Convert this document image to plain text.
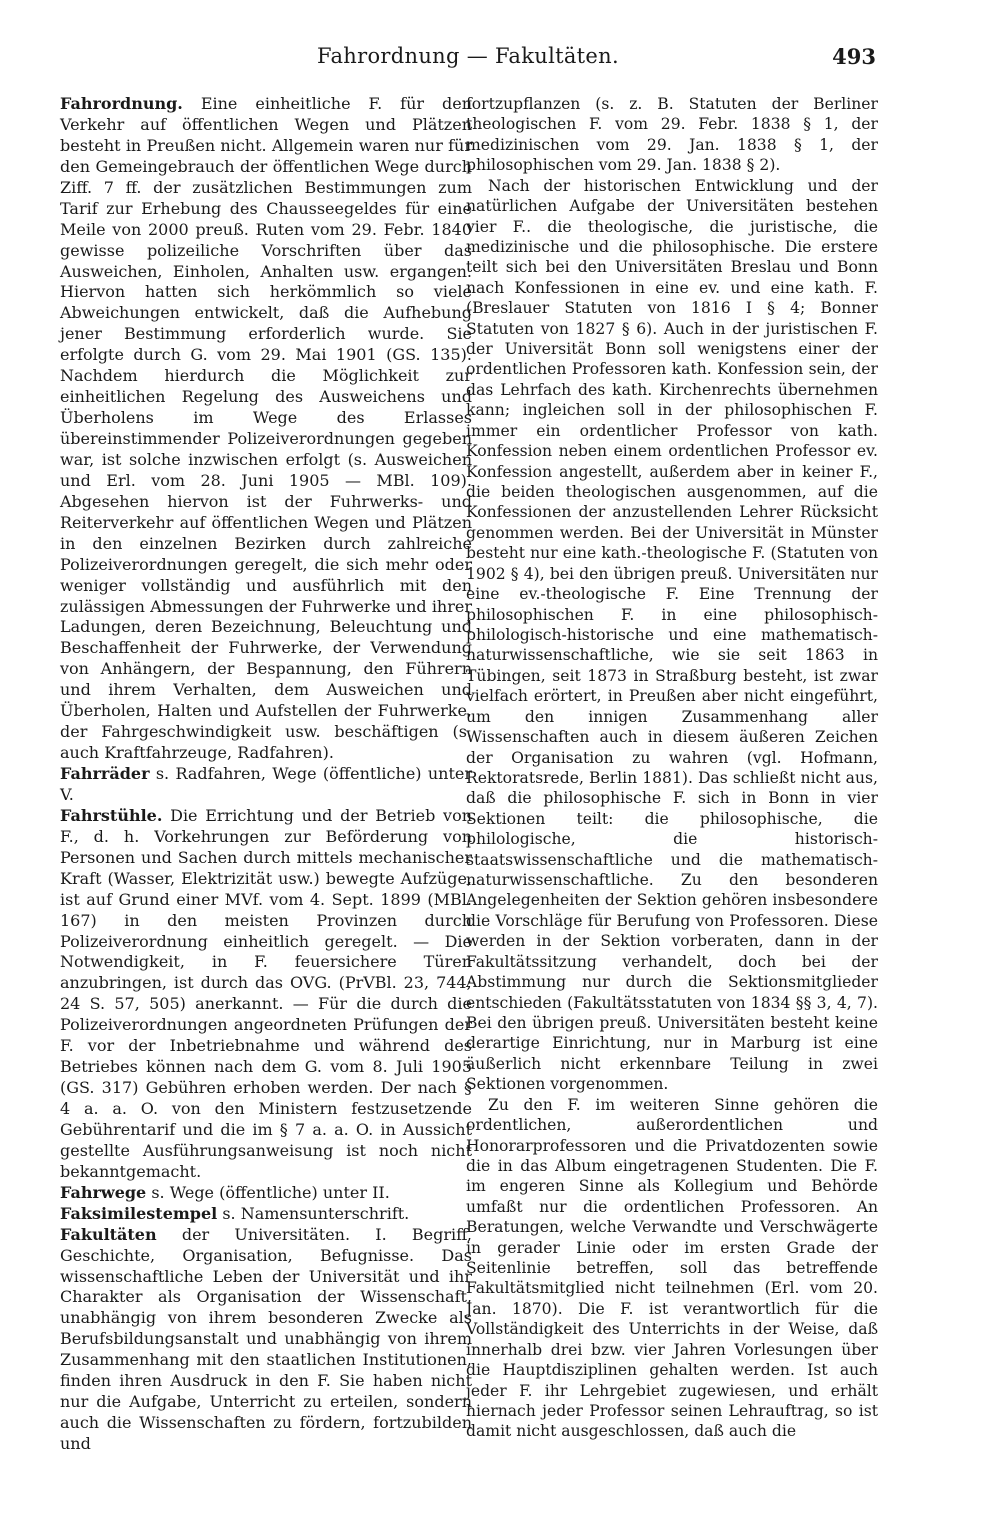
Fahrordnung — Fakultäten.	493

Fahrordnung. Eine einheitliche F. für den Verkehr auf öffentlichen Wegen und Plätzen besteht in Preußen nicht. Allgemein waren nur für den Gemeingebrauch der öffentlichen Wege durch Ziff. 7 ff. der zusätzlichen Bestimmungen zum Tarif zur Erhebung des Chausseegeldes für eine Meile von 2000 preuß. Ruten vom 29. Febr. 1840 gewisse polizeiliche Vorschriften über das Ausweichen, Einholen, Anhalten usw. ergangen. Hiervon hatten sich herkömmlich so viele Abweichungen entwickelt, daß die Aufhebung jener Bestimmung erforderlich wurde. Sie erfolgte durch G. vom 29. Mai 1901 (GS. 135). Nachdem hierdurch die Möglichkeit zur einheitlichen Regelung des Ausweichens und Überholens im Wege des Erlasses übereinstimmender Polizeiverordnungen gegeben war, ist solche inzwischen erfolgt (s. Ausweichen und Erl. vom 28. Juni 1905 — MBl. 109). Abgesehen hiervon ist der Fuhrwerks- und Reiterverkehr auf öffentlichen Wegen und Plätzen in den einzelnen Bezirken durch zahlreiche Polizeiverordnungen geregelt, die sich mehr oder weniger vollständig und ausführlich mit den zulässigen Abmessungen der Fuhrwerke und ihrer Ladungen, deren Bezeichnung, Beleuchtung und Beschaffenheit der Fuhrwerke, der Verwendung von Anhängern, der Bespannung, den Führern und ihrem Verhalten, dem Ausweichen und Überholen, Halten und Aufstellen der Fuhrwerke, der Fahrgeschwindigkeit usw. beschäftigen (s. auch Kraftfahrzeuge, Radfahren).

Fahrräder s. Radfahren, Wege (öffentliche) unter V.

Fahrstühle. Die Errichtung und der Betrieb von F., d. h. Vorkehrungen zur Beförderung von Personen und Sachen durch mittels mechanischer Kraft (Wasser, Elektrizität usw.) bewegte Aufzüge, ist auf Grund einer MVf. vom 4. Sept. 1899 (MBl. 167) in den meisten Provinzen durch Polizeiverordnung einheitlich geregelt. — Die Notwendigkeit, in F. feuersichere Türen anzubringen, ist durch das OVG. (PrVBl. 23, 744; 24 S. 57, 505) anerkannt. — Für die durch die Polizeiverordnungen angeordneten Prüfungen der F. vor der Inbetriebnahme und während des Betriebes können nach dem G. vom 8. Juli 1905 (GS. 317) Gebühren erhoben werden. Der nach § 4 a. a. O. von den Ministern festzusetzende Gebührentarif und die im § 7 a. a. O. in Aussicht gestellte Ausführungsanweisung ist noch nicht bekanntgemacht.

Fahrwege s. Wege (öffentliche) unter II.

Faksimilestempel s. Namensunterschrift.

Fakultäten der Universitäten. I. Begriff, Geschichte, Organisation, Befugnisse. Das wissenschaftliche Leben der Universität und ihr Charakter als Organisation der Wissenschaft, unabhängig von ihrem besonderen Zwecke als Berufsbildungsanstalt und unabhängig von ihrem Zusammenhang mit den staatlichen Institutionen, finden ihren Ausdruck in den F. Sie haben nicht nur die Aufgabe, Unterricht zu erteilen, sondern auch die Wissenschaften zu fördern, fortzubilden und

fortzupflanzen (s. z. B. Statuten der Berliner theologischen F. vom 29. Febr. 1838 § 1, der medizinischen vom 29. Jan. 1838 § 1, der philosophischen vom 29. Jan. 1838 § 2).

Nach der historischen Entwicklung und der natürlichen Aufgabe der Universitäten bestehen vier F.. die theologische, die juristische, die medizinische und die philosophische. Die erstere teilt sich bei den Universitäten Breslau und Bonn nach Konfessionen in eine ev. und eine kath. F. (Breslauer Statuten von 1816 I § 4; Bonner Statuten von 1827 § 6). Auch in der juristischen F. der Universität Bonn soll wenigstens einer der ordentlichen Professoren kath. Konfession sein, der das Lehrfach des kath. Kirchenrechts übernehmen kann; ingleichen soll in der philosophischen F. immer ein ordentlicher Professor von kath. Konfession neben einem ordentlichen Professor ev. Konfession angestellt, außerdem aber in keiner F., die beiden theologischen ausgenommen, auf die Konfessionen der anzustellenden Lehrer Rücksicht genommen werden. Bei der Universität in Münster besteht nur eine kath.-theologische F. (Statuten von 1902 § 4), bei den übrigen preuß. Universitäten nur eine ev.-theologische F. Eine Trennung der philosophischen F. in eine philosophisch-philologisch-historische und eine mathematisch-naturwissenschaftliche, wie sie seit 1863 in Tübingen, seit 1873 in Straßburg besteht, ist zwar vielfach erörtert, in Preußen aber nicht eingeführt, um den innigen Zusammenhang aller Wissenschaften auch in diesem äußeren Zeichen der Organisation zu wahren (vgl. Hofmann, Rektoratsrede, Berlin 1881). Das schließt nicht aus, daß die philosophische F. sich in Bonn in vier Sektionen teilt: die philosophische, die philologische, die historisch-staatswissenschaftliche und die mathematisch-naturwissenschaftliche. Zu den besonderen Angelegenheiten der Sektion gehören insbesondere die Vorschläge für Berufung von Professoren. Diese werden in der Sektion vorberaten, dann in der Fakultätssitzung verhandelt, doch bei der Abstimmung nur durch die Sektionsmitglieder entschieden (Fakultätsstatuten von 1834 §§ 3, 4, 7). Bei den übrigen preuß. Universitäten besteht keine derartige Einrichtung, nur in Marburg ist eine äußerlich nicht erkennbare Teilung in zwei Sektionen vorgenommen.

Zu den F. im weiteren Sinne gehören die ordentlichen, außerordentlichen und Honorarprofessoren und die Privatdozenten sowie die in das Album eingetragenen Studenten. Die F. im engeren Sinne als Kollegium und Behörde umfaßt nur die ordentlichen Professoren. An Beratungen, welche Verwandte und Verschwägerte in gerader Linie oder im ersten Grade der Seitenlinie betreffen, soll das betreffende Fakultätsmitglied nicht teilnehmen (Erl. vom 20. Jan. 1870). Die F. ist verantwortlich für die Vollständigkeit des Unterrichts in der Weise, daß innerhalb drei bzw. vier Jahren Vorlesungen über die Hauptdisziplinen gehalten werden. Ist auch jeder F. ihr Lehrgebiet zugewiesen, und erhält hiernach jeder Professor seinen Lehrauftrag, so ist damit nicht ausgeschlossen, daß auch die
